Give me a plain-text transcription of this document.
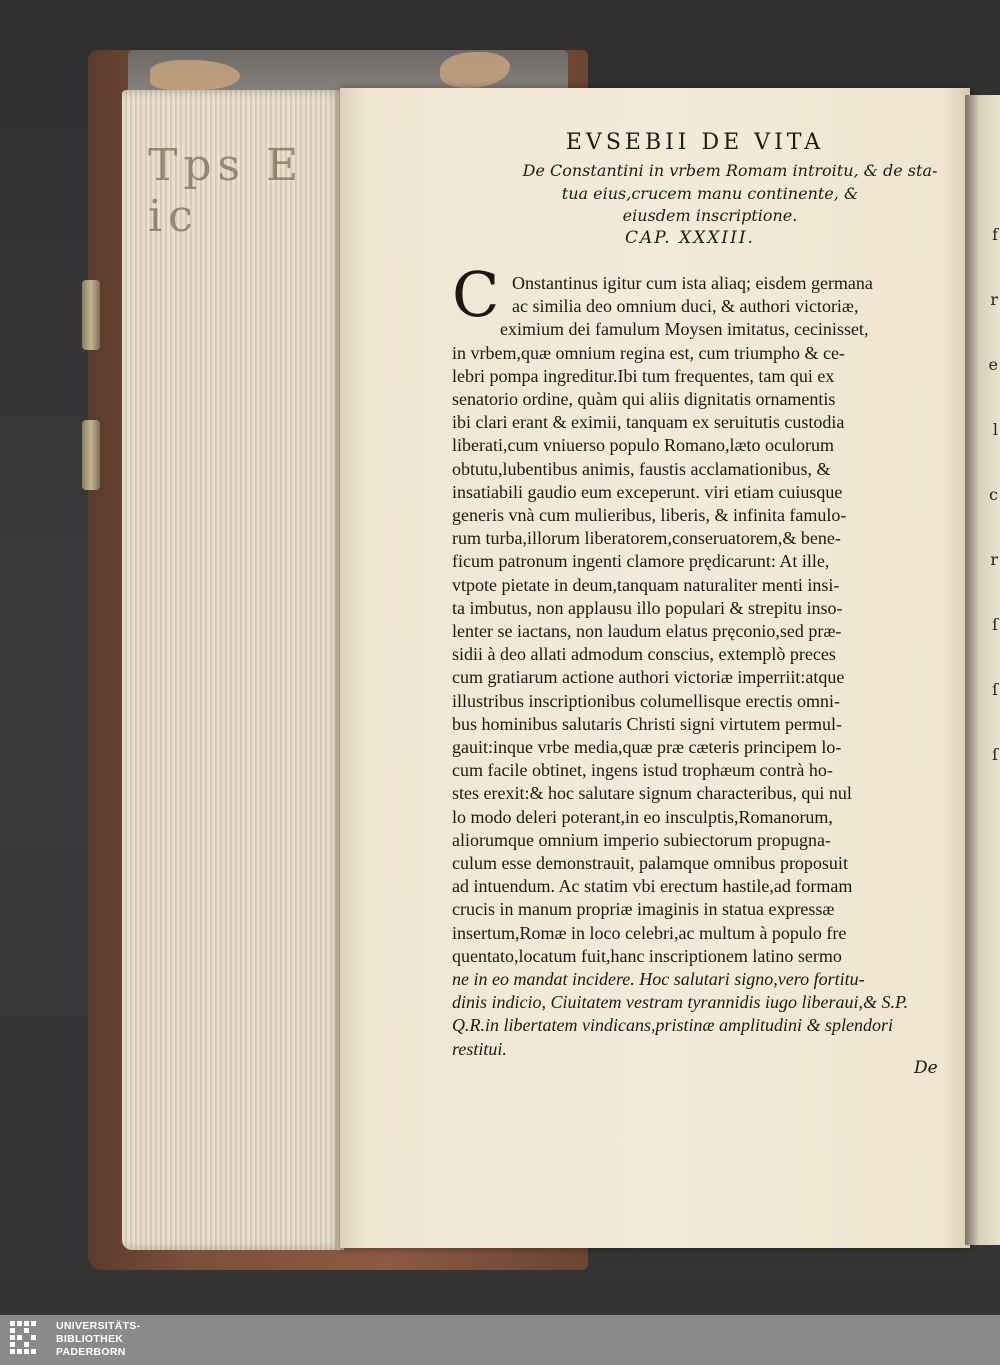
Tps E ic	f
r
e
l
c
r
ſ
ſ
ſ
EVSEBII DE VITA
De Constantini in vrbem Romam introitu, & de sta-
tua eius,crucem manu continente, &
eiusdem inscriptione.
CAP. XXXIII.
C Onstantinus igitur cum ista aliaq; eisdem germana
ac similia deo omnium duci, & authori victoriæ,
eximium dei famulum Moysen imitatus, cecinisset,
in vrbem,quæ omnium regina est, cum triumpho & ce-
lebri pompa ingreditur.Ibi tum frequentes, tam qui ex
senatorio ordine, quàm qui aliis dignitatis ornamentis
ibi clari erant & eximii, tanquam ex seruitutis custodia
liberati,cum vniuerso populo Romano,læto oculorum
obtutu,lubentibus animis, faustis acclamationibus, &
insatiabili gaudio eum exceperunt. viri etiam cuiusque
generis vnà cum mulieribus, liberis, & infinita famulo-
rum turba,illorum liberatorem,conseruatorem,& bene-
ficum patronum ingenti clamore prędicarunt: At ille,
vtpote pietate in deum,tanquam naturaliter menti insi-
ta imbutus, non applausu illo populari & strepitu inso-
lenter se iactans, non laudum elatus pręconio,sed præ-
sidii à deo allati admodum conscius, extemplò preces
cum gratiarum actione authori victoriæ imperriit:atque
illustribus inscriptionibus columellisque erectis omni-
bus hominibus salutaris Christi signi virtutem permul-
gauit:inque vrbe media,quæ præ cæteris principem lo-
cum facile obtinet, ingens istud trophæum contrà ho-
stes erexit:& hoc salutare signum characteribus, qui nul
lo modo deleri poterant,in eo insculptis,Romanorum,
aliorumque omnium imperio subiectorum propugna-
culum esse demonstrauit, palamque omnibus proposuit
ad intuendum. Ac statim vbi erectum hastile,ad formam
crucis in manum propriæ imaginis in statua expressæ
insertum,Romæ in loco celebri,ac multum à populo fre
quentato,locatum fuit,hanc inscriptionem latino sermo
ne in eo mandat incidere. Hoc salutari signo,vero fortitu-
dinis indicio, Ciuitatem vestram tyrannidis iugo liberaui,& S.P.
Q.R.in libertatem vindicans,pristinæ amplitudini & splendori
restitui.
De
UNIVERSITÄTS-
BIBLIOTHEK
PADERBORN
